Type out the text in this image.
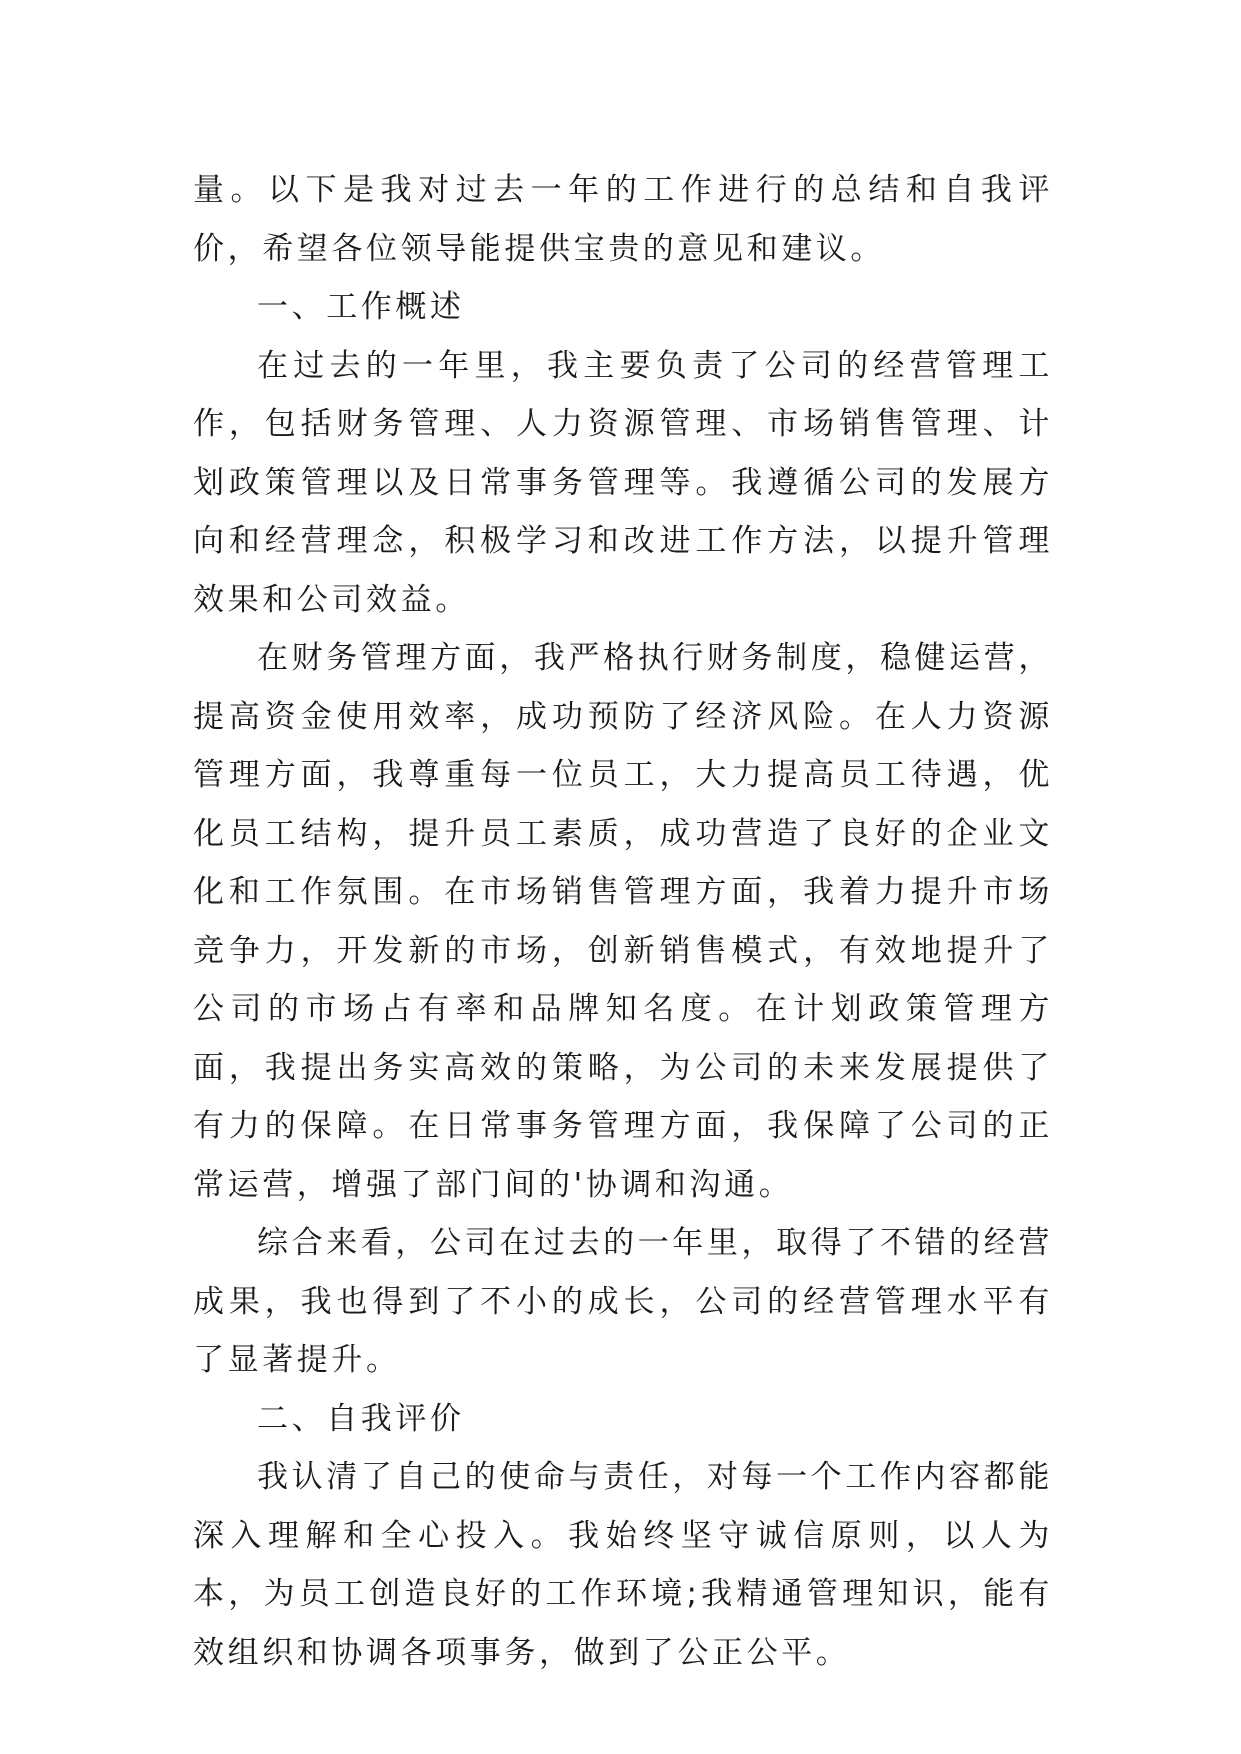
量。以下是我对过去一年的工作进行的总结和自我评价，希望各位领导能提供宝贵的意见和建议。

一、工作概述

在过去的一年里，我主要负责了公司的经营管理工作，包括财务管理、人力资源管理、市场销售管理、计划政策管理以及日常事务管理等。我遵循公司的发展方向和经营理念，积极学习和改进工作方法，以提升管理效果和公司效益。

在财务管理方面，我严格执行财务制度，稳健运营，提高资金使用效率，成功预防了经济风险。在人力资源管理方面，我尊重每一位员工，大力提高员工待遇，优化员工结构，提升员工素质，成功营造了良好的企业文化和工作氛围。在市场销售管理方面，我着力提升市场竞争力，开发新的市场，创新销售模式，有效地提升了公司的市场占有率和品牌知名度。在计划政策管理方面，我提出务实高效的策略，为公司的未来发展提供了有力的保障。在日常事务管理方面，我保障了公司的正常运营，增强了部门间的'协调和沟通。

综合来看，公司在过去的一年里，取得了不错的经营成果，我也得到了不小的成长，公司的经营管理水平有了显著提升。

二、自我评价

我认清了自己的使命与责任，对每一个工作内容都能深入理解和全心投入。我始终坚守诚信原则，以人为本，为员工创造良好的工作环境;我精通管理知识，能有效组织和协调各项事务，做到了公正公平。
